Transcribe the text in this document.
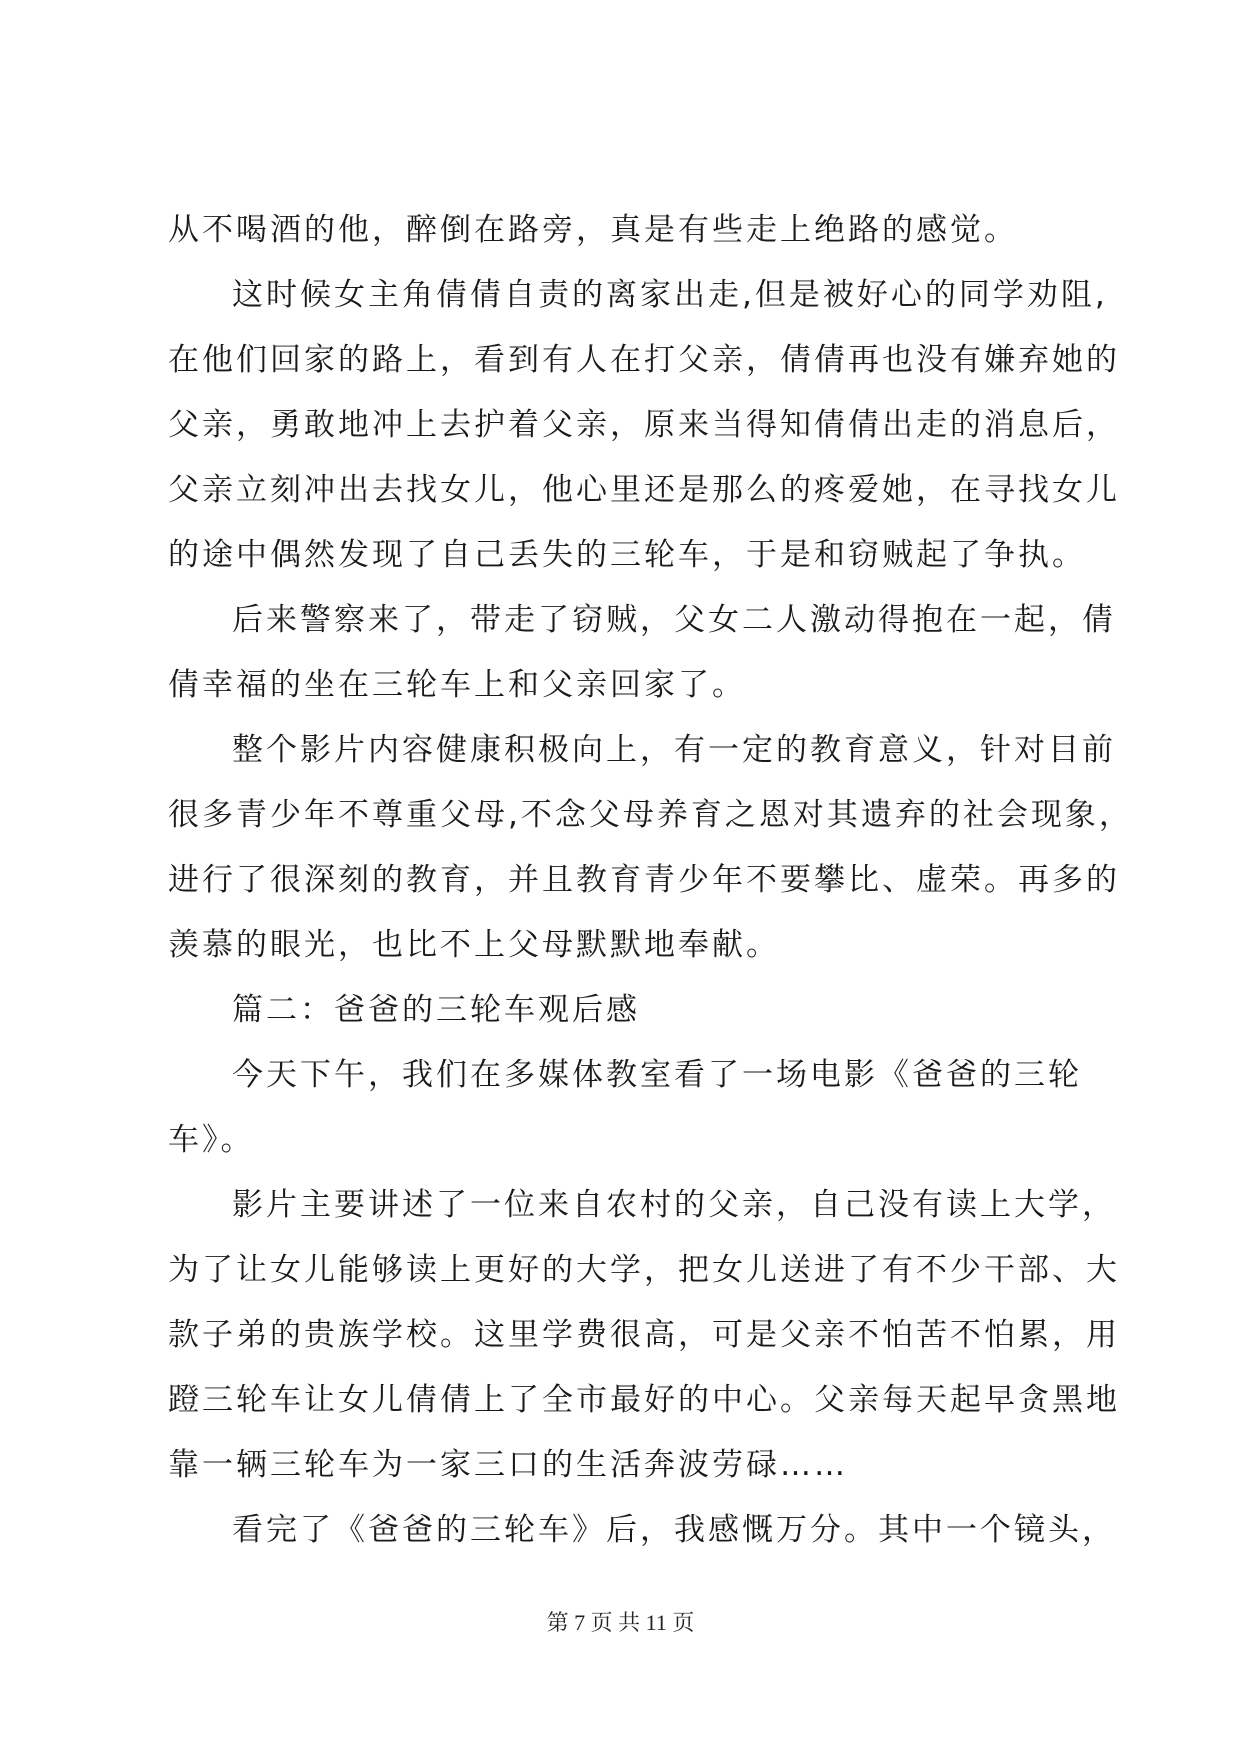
从不喝酒的他，醉倒在路旁，真是有些走上绝路的感觉。
这时候女主角倩倩自责的离家出走,但是被好心的同学劝阻,
在他们回家的路上，看到有人在打父亲，倩倩再也没有嫌弃她的
父亲，勇敢地冲上去护着父亲，原来当得知倩倩出走的消息后，
父亲立刻冲出去找女儿，他心里还是那么的疼爱她，在寻找女儿
的途中偶然发现了自己丢失的三轮车，于是和窃贼起了争执。
后来警察来了，带走了窃贼，父女二人激动得抱在一起，倩
倩幸福的坐在三轮车上和父亲回家了。
整个影片内容健康积极向上，有一定的教育意义，针对目前
很多青少年不尊重父母,不念父母养育之恩对其遗弃的社会现象，
进行了很深刻的教育，并且教育青少年不要攀比、虚荣。再多的
羡慕的眼光，也比不上父母默默地奉献。
篇二：爸爸的三轮车观后感
今天下午，我们在多媒体教室看了一场电影《爸爸的三轮
车》。
影片主要讲述了一位来自农村的父亲，自己没有读上大学，
为了让女儿能够读上更好的大学，把女儿送进了有不少干部、大
款子弟的贵族学校。这里学费很高，可是父亲不怕苦不怕累，用
蹬三轮车让女儿倩倩上了全市最好的中心。父亲每天起早贪黑地
靠一辆三轮车为一家三口的生活奔波劳碌……
看完了《爸爸的三轮车》后，我感慨万分。其中一个镜头，
第 7 页 共 11 页
